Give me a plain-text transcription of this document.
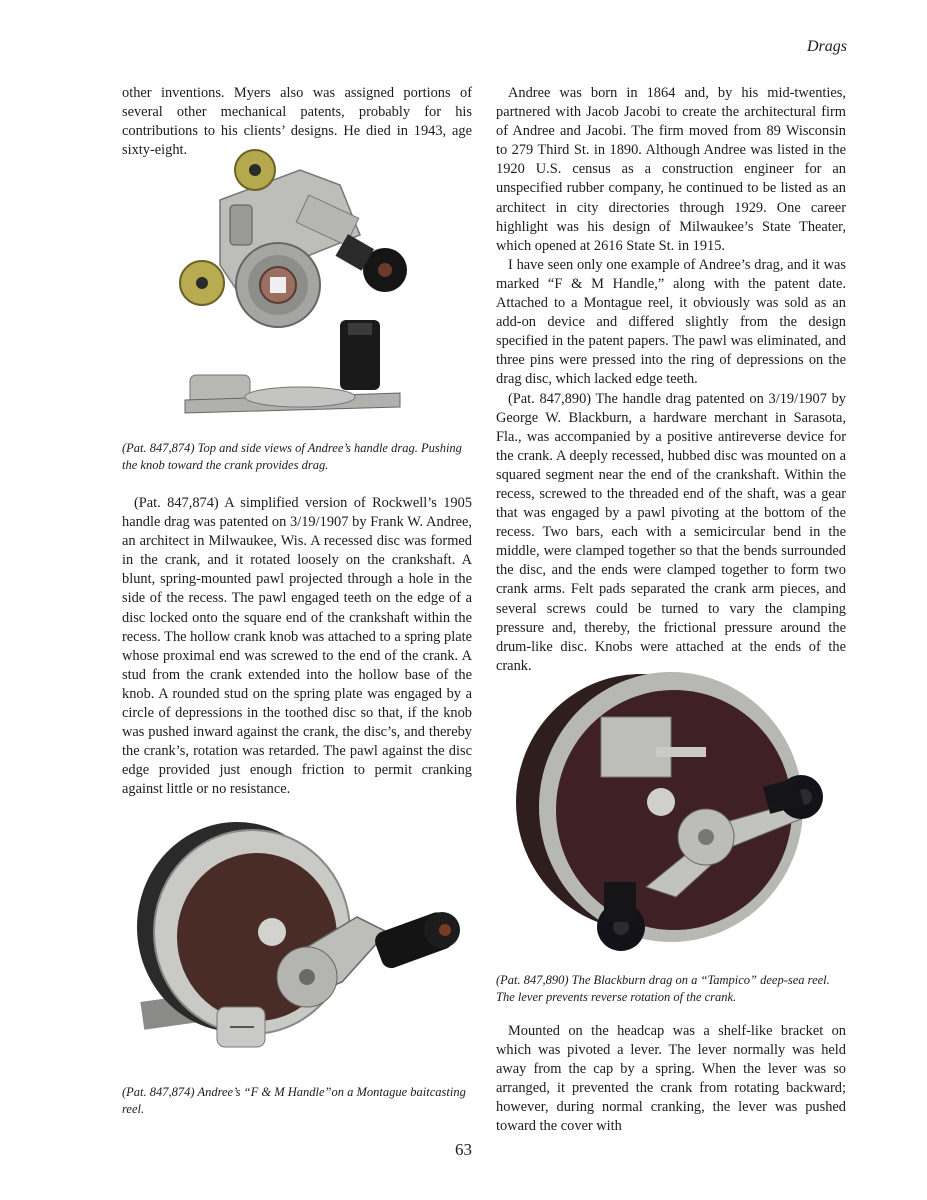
Drags

other inventions. Myers also was assigned portions of several other mechanical patents, probably for his contributions to his clients’ designs. He died in 1943, age sixty-eight.

(Pat. 847,874) Top and side views of Andree’s handle drag. Pushing the knob toward the crank provides drag.

(Pat. 847,874) A simplified version of Rockwell’s 1905 handle drag was patented on 3/19/1907 by Frank W. Andree, an architect in Milwaukee, Wis. A recessed disc was formed in the crank, and it rotated loosely on the crankshaft. A blunt, spring-mounted pawl projected through a hole in the side of the recess. The pawl engaged teeth on the edge of a disc locked onto the square end of the crankshaft within the recess. The hollow crank knob was attached to a spring plate whose proximal end was screwed to the end of the crank. A stud from the crank extended into the hollow base of the knob. A rounded stud on the spring plate was engaged by a circle of depressions in the toothed disc so that, if the knob was pushed inward against the crank, the disc’s, and thereby the crank’s, rotation was retarded. The pawl against the disc edge provided just enough friction to permit cranking against little or no resistance.

(Pat. 847,874) Andree’s “F & M Handle”on a Montague baitcasting reel.

Andree was born in 1864 and, by his mid-twenties, partnered with Jacob Jacobi to create the architectural firm of Andree and Jacobi. The firm moved from 89 Wisconsin to 279 Third St. in 1890. Although Andree was listed in the 1920 U.S. census as a construction engineer for an unspecified rubber company, he continued to be listed as an architect in city directories through 1929. One career highlight was his design of Milwaukee’s State Theater, which opened at 2616 State St. in 1915.

I have seen only one example of Andree’s drag, and it was marked “F & M Handle,” along with the patent date. Attached to a Montague reel, it obviously was sold as an add-on device and differed slightly from the design specified in the patent papers. The pawl was eliminated, and three pins were pressed into the ring of depressions on the drag disc, which lacked edge teeth.

(Pat. 847,890) The handle drag patented on 3/19/1907 by George W. Blackburn, a hardware merchant in Sarasota, Fla., was accompanied by a positive antireverse device for the crank. A deeply recessed, hubbed disc was mounted on a squared segment near the end of the crankshaft. Within the recess, screwed to the threaded end of the shaft, was a gear that was engaged by a pawl pivoting at the bottom of the recess. Two bars, each with a semicircular bend in the middle, were clamped together so that the bends surrounded the disc, and the ends were clamped together to form two crank arms. Felt pads separated the crank arm pieces, and several screws could be turned to vary the clamping pressure and, thereby, the frictional pressure around the drum-like disc. Knobs were attached at the ends of the crank.

(Pat. 847,890) The Blackburn drag on a “Tampico” deep-sea reel. The lever prevents reverse rotation of the crank.

Mounted on the headcap was a shelf-like bracket on which was pivoted a lever. The lever normally was held away from the cap by a spring. When the lever was so arranged, it prevented the crank from rotating backward; however, during normal cranking, the lever was pushed toward the cover with

63
